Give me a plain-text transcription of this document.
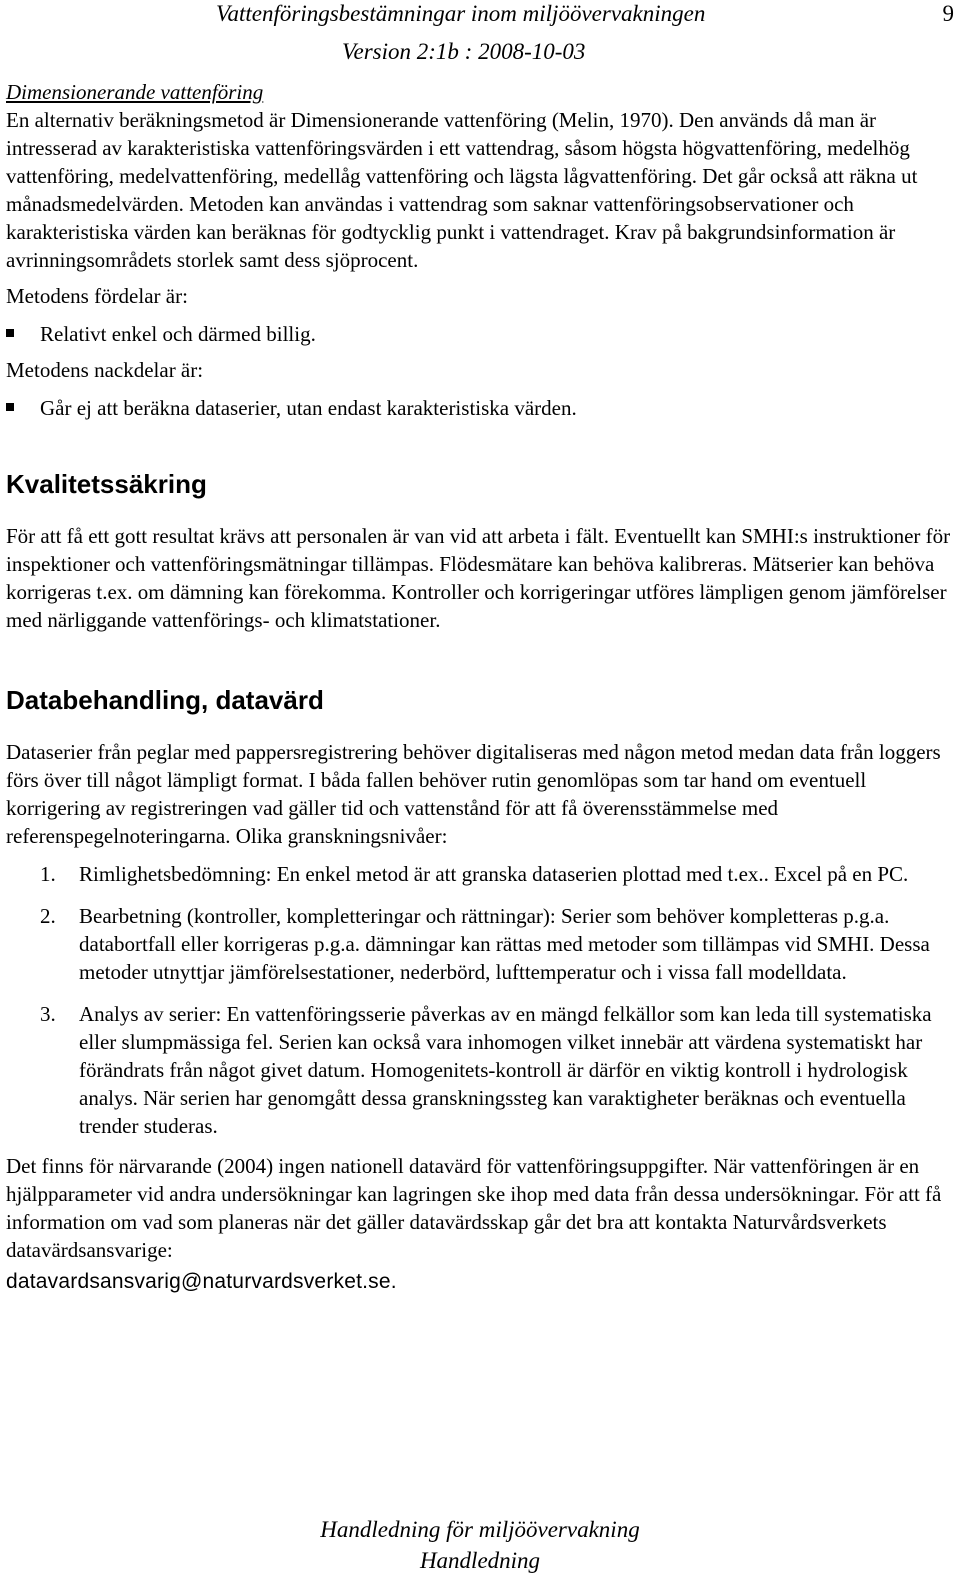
Vattenföringsbestämningar inom miljöövervakningen	9
Version 2:1b : 2008-10-03
Dimensionerande vattenföring

En alternativ beräkningsmetod är Dimensionerande vattenföring (Melin, 1970). Den används då man är intresserad av karakteristiska vattenföringsvärden i ett vattendrag, såsom högsta högvattenföring, medelhög vattenföring, medelvattenföring, medellåg vattenföring och lägsta lågvattenföring. Det går också att räkna ut månadsmedelvärden. Metoden kan användas i vattendrag som saknar vattenföringsobservationer och karakteristiska värden kan beräknas för godtycklig punkt i vattendraget. Krav på bakgrundsinformation är avrinningsområdets storlek samt dess sjöprocent.

Metodens fördelar är:

Relativt enkel och därmed billig.

Metodens nackdelar är:

Går ej att beräkna dataserier, utan endast karakteristiska värden.
Kvalitetssäkring

För att få ett gott resultat krävs att personalen är van vid att arbeta i fält. Eventuellt kan SMHI:s instruktioner för inspektioner och vattenföringsmätningar tillämpas. Flödesmätare kan behöva kalibreras. Mätserier kan behöva korrigeras t.ex. om dämning kan förekomma. Kontroller och korrigeringar utföres lämpligen genom jämförelser med närliggande vattenförings- och klimatstationer.

Databehandling, datavärd

Dataserier från peglar med pappersregistrering behöver digitaliseras med någon metod medan data från loggers förs över till något lämpligt format. I båda fallen behöver rutin genomlöpas som tar hand om eventuell korrigering av registreringen vad gäller tid och vattenstånd för att få överensstämmelse med referenspegelnoteringarna. Olika granskningsnivåer:

1. Rimlighetsbedömning: En enkel metod är att granska dataserien plottad med t.ex.. Excel på en PC.
2. Bearbetning (kontroller, kompletteringar och rättningar): Serier som behöver kompletteras p.g.a. databortfall eller korrigeras p.g.a. dämningar kan rättas med metoder som tillämpas vid SMHI. Dessa metoder utnyttjar jämförelsestationer, nederbörd, lufttemperatur och i vissa fall modelldata.
3. Analys av serier: En vattenföringsserie påverkas av en mängd felkällor som kan leda till systematiska eller slumpmässiga fel. Serien kan också vara inhomogen vilket innebär att värdena systematiskt har förändrats från något givet datum. Homogenitets-kontroll är därför en viktig kontroll i hydrologisk analys. När serien har genomgått dessa granskningssteg kan varaktigheter beräknas och eventuella trender studeras.

Det finns för närvarande (2004) ingen nationell datavärd för vattenföringsuppgifter. När vattenföringen är en hjälpparameter vid andra undersökningar kan lagringen ske ihop med data från dessa undersökningar. För att få information om vad som planeras när det gäller datavärdsskap går det bra att kontakta Naturvårdsverkets datavärdsansvarige:

datavardsansvarig@naturvardsverket.se.
Handledning för miljöövervakning
Handledning
